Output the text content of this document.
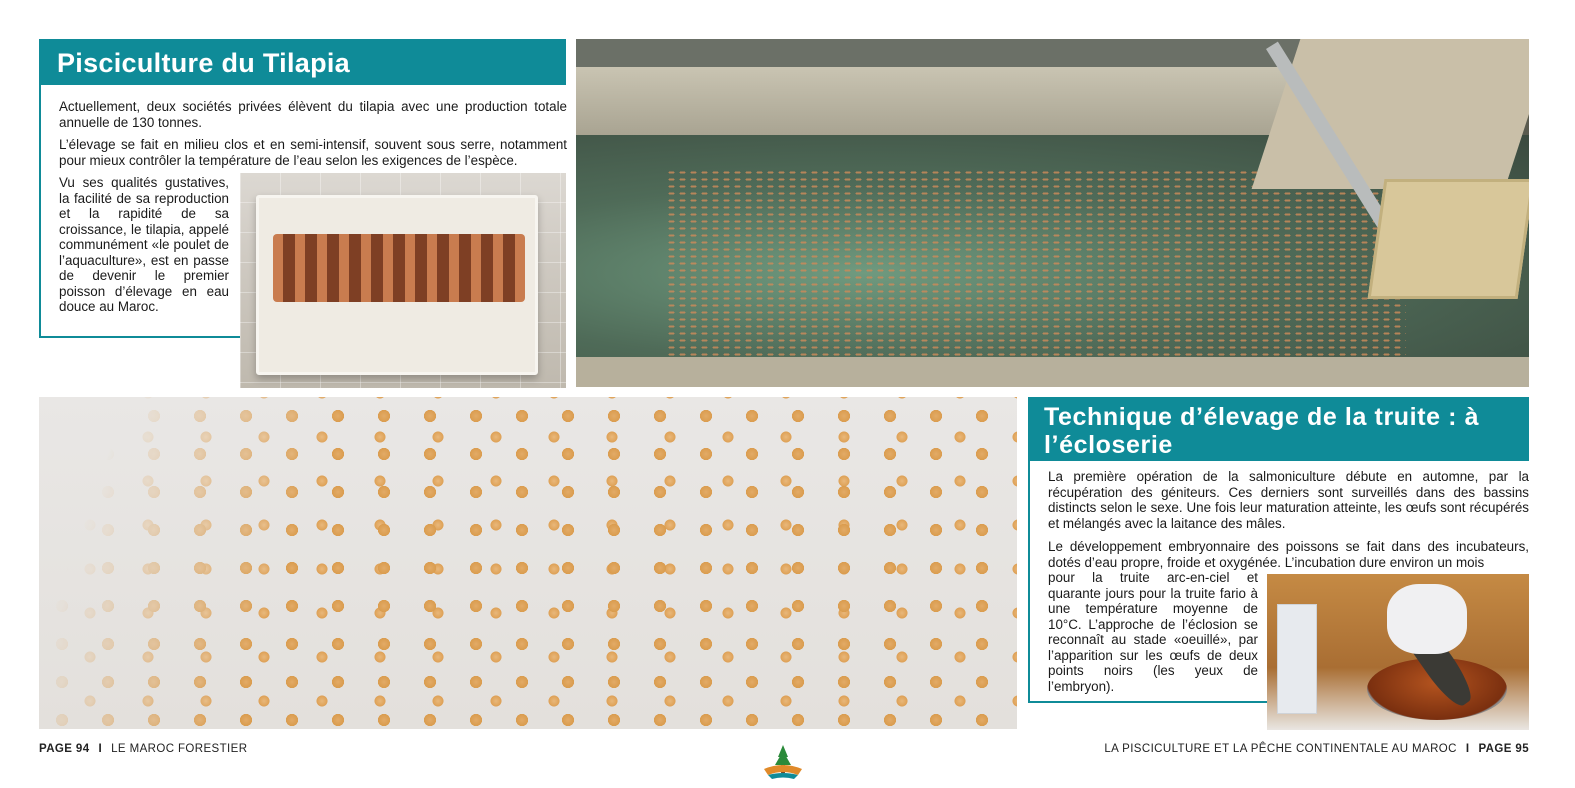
Pisciculture du Tilapia

Actuellement, deux sociétés privées élèvent du tilapia avec une production totale annuelle de 130 tonnes.

L’élevage se fait en milieu clos et en semi-intensif, souvent sous serre, notamment pour mieux contrôler la température de l’eau selon les exigences de l’espèce.

Vu ses qualités gustatives, la facilité de sa reproduction et la rapidité de sa croissance, le tilapia, appelé communément «le poulet de l’aquaculture», est en passe de devenir le premier poisson d’élevage en eau douce au Maroc.

Technique d’élevage de la truite : à l’écloserie

La première opération de la salmoniculture débute en automne, par la récupération des géniteurs. Ces derniers sont surveillés dans des bassins distincts selon le sexe. Une fois leur maturation atteinte, les œufs sont récupérés et mélangés avec la laitance des mâles.

Le développement embryonnaire des poissons se fait dans des incubateurs, dotés d’eau propre, froide et oxygénée. L’incubation dure environ un mois

pour la truite arc-en-ciel et quarante jours pour la truite fario à une température moyenne de 10°C. L’approche de l’éclosion se reconnaît au stade «oeuillé», par l’apparition sur les œufs de deux points noirs (les yeux de l’embryon).

PAGE 94 I LE MAROC FORESTIER	LA PISCICULTURE ET LA PÊCHE CONTINENTALE AU MAROC I PAGE 95
